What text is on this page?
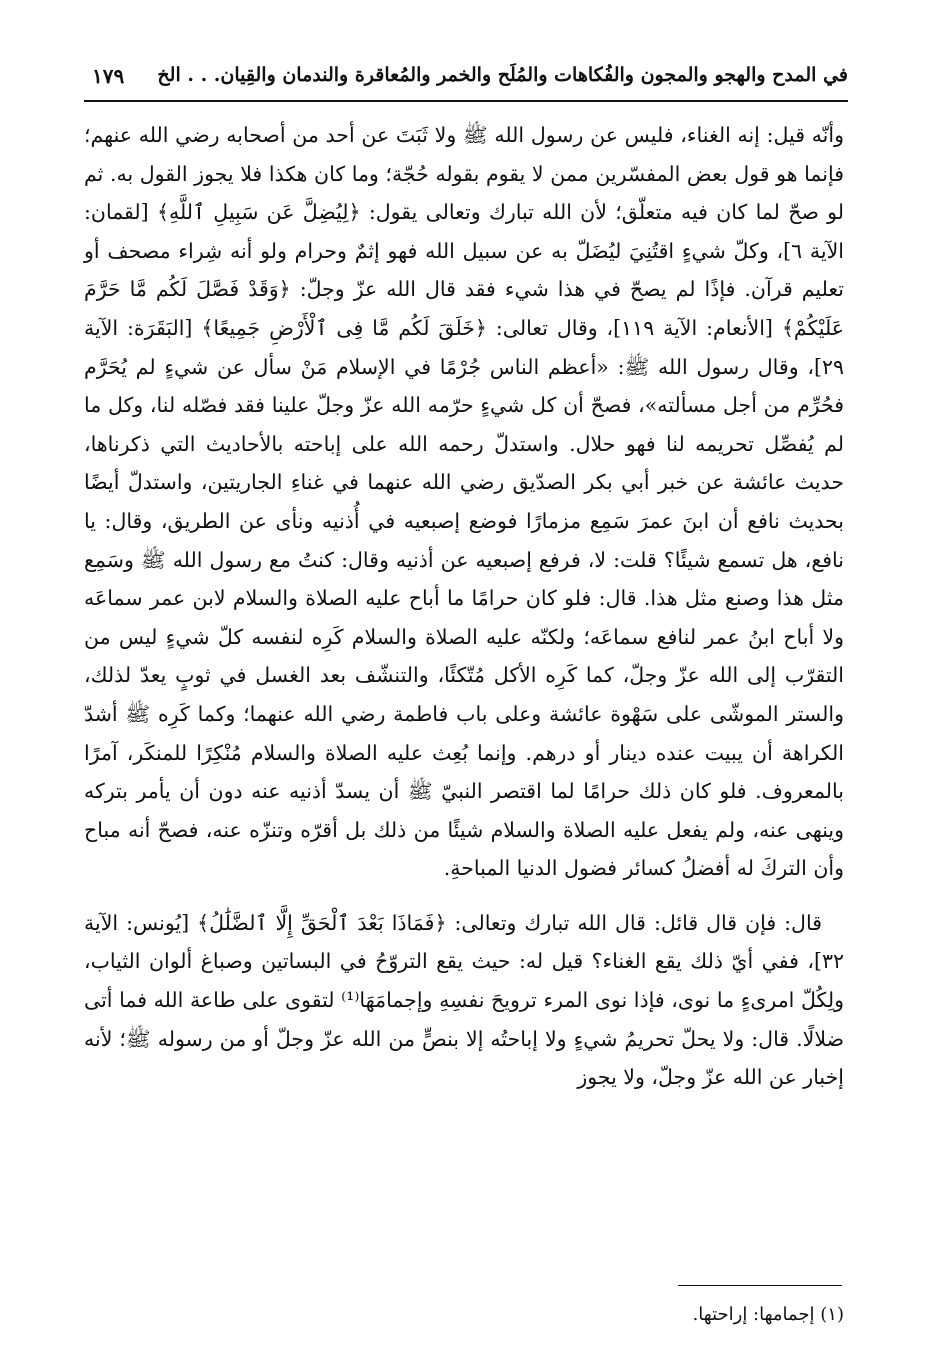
في المدح والهجو والمجون والفُكاهات والمُلَح والخمر والمُعاقرة والندمان والقِيان. . . الخ
١٧٩

وأنّه قيل: إنه الغناء، فليس عن رسول الله ﷺ ولا ثَبَتَ عن أحد من أصحابه رضي الله عنهم؛ فإنما هو قول بعض المفسّرين ممن لا يقوم بقوله حُجّة؛ وما كان هكذا فلا يجوز القول به. ثم لو صحّ لما كان فيه متعلّق؛ لأن الله تبارك وتعالى يقول: ﴿لِيُضِلَّ عَن سَبِيلِ ٱللَّهِ﴾ [لقمان: الآية ٦]، وكلّ شيءٍ اقتُنِيَ ليُضَلّ به عن سبيل الله فهو إثمٌ وحرام ولو أنه شِراء مصحف أو تعليم قرآن. فإذًا لم يصحّ في هذا شيء فقد قال الله عزّ وجلّ: ﴿وَقَدْ فَصَّلَ لَكُم مَّا حَرَّمَ عَلَيْكُمْ﴾ [الأنعام: الآية ١١٩]، وقال تعالى: ﴿خَلَقَ لَكُم مَّا فِى ٱلْأَرْضِ جَمِيعًا﴾ [البَقَرَة: الآية ٢٩]، وقال رسول الله ﷺ: «أعظم الناس جُرْمًا في الإسلام مَنْ سأل عن شيءٍ لم يُحَرَّم فحُرِّم من أجل مسألته»، فصحّ أن كل شيءٍ حرّمه الله عزّ وجلّ علينا فقد فصّله لنا، وكل ما لم يُفصِّل تحريمه لنا فهو حلال. واستدلّ رحمه الله على إباحته بالأحاديث التي ذكرناها، حديث عائشة عن خبر أبي بكر الصدّيق رضي الله عنهما في غناءِ الجاريتين، واستدلّ أيضًا بحديث نافع أن ابنَ عمرَ سَمِع مزمارًا فوضع إصبعيه في أُذنيه ونأى عن الطريق، وقال: يا نافع، هل تسمع شيئًا؟ قلت: لا، فرفع إصبعيه عن أذنيه وقال: كنتُ مع رسول الله ﷺ وسَمِع مثل هذا وصنع مثل هذا. قال: فلو كان حرامًا ما أباح عليه الصلاة والسلام لابن عمر سماعَه ولا أباح ابنُ عمر لنافع سماعَه؛ ولكنّه عليه الصلاة والسلام كَرِه لنفسه كلّ شيءٍ ليس من التقرّب إلى الله عزّ وجلّ، كما كَرِه الأكل مُتّكئًا، والتنشّف بعد الغسل في ثوبٍ يعدّ لذلك، والستر الموشّى على سَهْوة عائشة وعلى باب فاطمة رضي الله عنهما؛ وكما كَرِه ﷺ أشدّ الكراهة أن يبيت عنده دينار أو درهم. وإنما بُعِث عليه الصلاة والسلام مُنْكِرًا للمنكَر، آمرًا بالمعروف. فلو كان ذلك حرامًا لما اقتصر النبيّ ﷺ أن يسدّ أذنيه عنه دون أن يأمر بتركه وينهى عنه، ولم يفعل عليه الصلاة والسلام شيئًا من ذلك بل أقرّه وتنزّه عنه، فصحّ أنه مباح وأن التركَ له أفضلُ كسائر فضول الدنيا المباحةِ.

قال: فإن قال قائل: قال الله تبارك وتعالى: ﴿فَمَاذَا بَعْدَ ٱلْحَقِّ إِلَّا ٱلضَّلَٰلُ﴾ [يُونس: الآية ٣٢]، ففي أيّ ذلك يقع الغناء؟ قيل له: حيث يقع التروّحُ في البساتين وصباغ ألوان الثياب، ولِكُلّ امرىءٍ ما نوى، فإذا نوى المرء ترويحَ نفسِهِ وإجمامَهَا⁽¹⁾ لتقوى على طاعة الله فما أتى ضلالًا. قال: ولا يحلّ تحريمُ شيءٍ ولا إباحتُه إلا بنصٍّ من الله عزّ وجلّ أو من رسوله ﷺ؛ لأنه إخبار عن الله عزّ وجلّ، ولا يجوز

(١) إجمامها: إراحتها.
